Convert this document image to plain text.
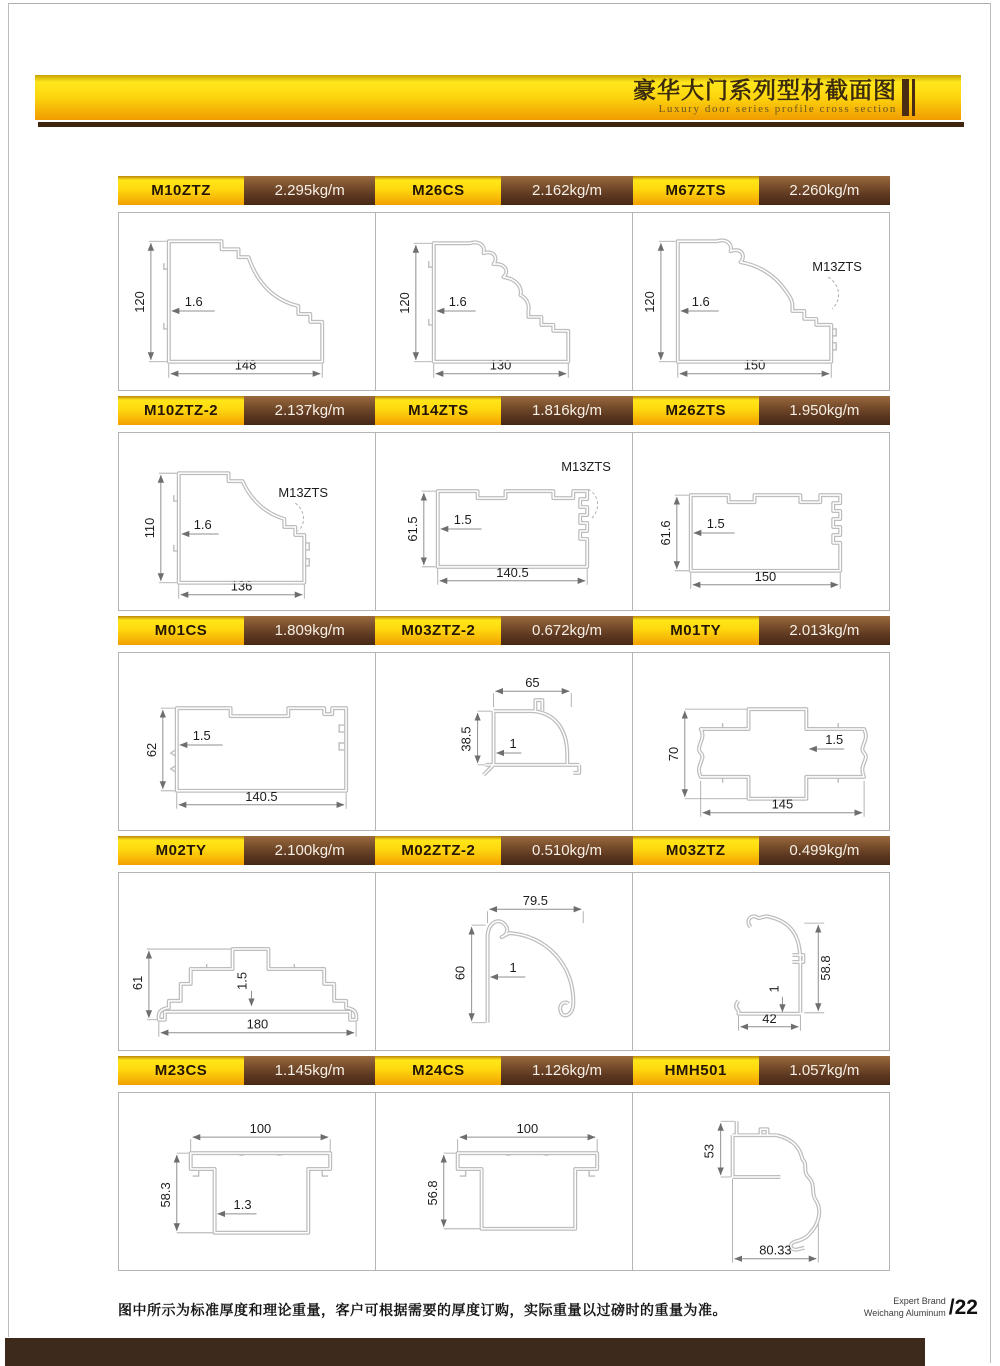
豪华大门系列型材截面图
Luxury door series profile cross section
M10ZTZ	2.295kg/m	M26CS	2.162kg/m	M67ZTS	2.260kg/m
1.6
120
148
1.6
120
130
1.6
120
150
M13ZTS
M10ZTZ-2	2.137kg/m	M14ZTS	1.816kg/m	M26ZTS	1.950kg/m
1.6
110
136
M13ZTS
1.5
61.5
140.5
M13ZTS
1.5
61.6
150
M01CS	1.809kg/m	M03ZTZ-2	0.672kg/m	M01TY	2.013kg/m
1.5
62
140.5
1
65
38.5	1.5
70
145
M02TY	2.100kg/m	M02ZTZ-2	0.510kg/m	M03ZTZ	0.499kg/m
1.5
61
180
1
79.5
60
1
58.8
42
M23CS	1.145kg/m	M24CS	1.126kg/m	HMH501	1.057kg/m
1.3
100
58.3
100
56.8
53
80.33
图中所示为标准厚度和理论重量，客户可根据需要的厚度订购，实际重量以过磅时的重量为准。
Expert Brand
Weichang Aluminum /22
